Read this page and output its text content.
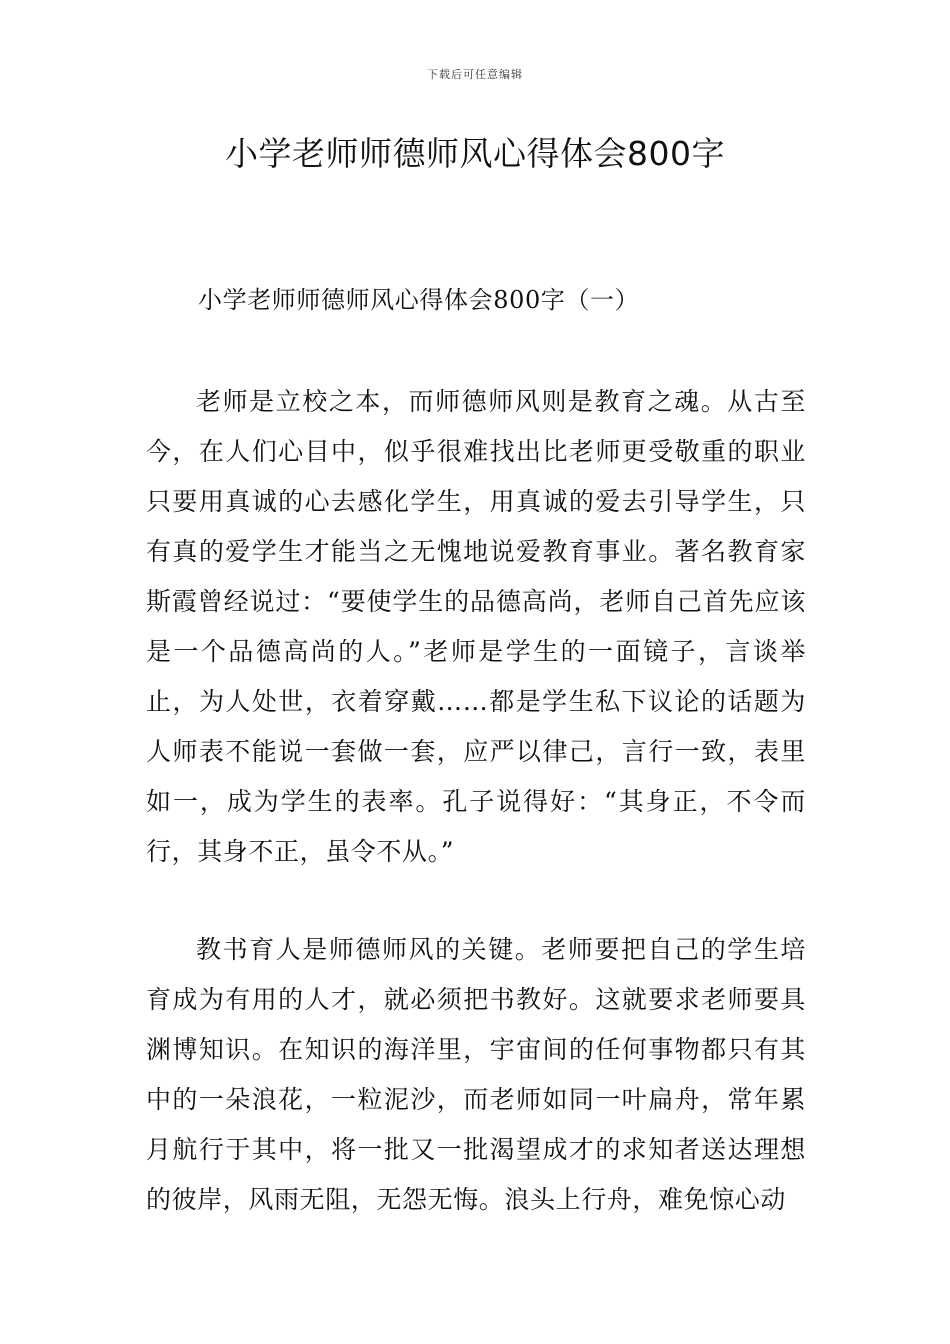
下载后可任意编辑
小学老师师德师风心得体会800字
小学老师师德师风心得体会800字（一）

老师是立校之本，而师德师风则是教育之魂。从古至今，在人们心目中，似乎很难找出比老师更受敬重的职业只要用真诚的心去感化学生，用真诚的爱去引导学生，只有真的爱学生才能当之无愧地说爱教育事业。著名教育家斯霞曾经说过：“要使学生的品德高尚，老师自己首先应该是一个品德高尚的人。”老师是学生的一面镜子，言谈举止，为人处世，衣着穿戴……都是学生私下议论的话题为人师表不能说一套做一套，应严以律己，言行一致，表里如一，成为学生的表率。孔子说得好：“其身正，不令而行，其身不正，虽令不从。”

教书育人是师德师风的关键。老师要把自己的学生培育成为有用的人才，就必须把书教好。这就要求老师要具渊博知识。在知识的海洋里，宇宙间的任何事物都只有其中的一朵浪花，一粒泥沙，而老师如同一叶扁舟，常年累月航行于其中，将一批又一批渴望成才的求知者送达理想的彼岸，风雨无阻，无怨无悔。浪头上行舟，难免惊心动
